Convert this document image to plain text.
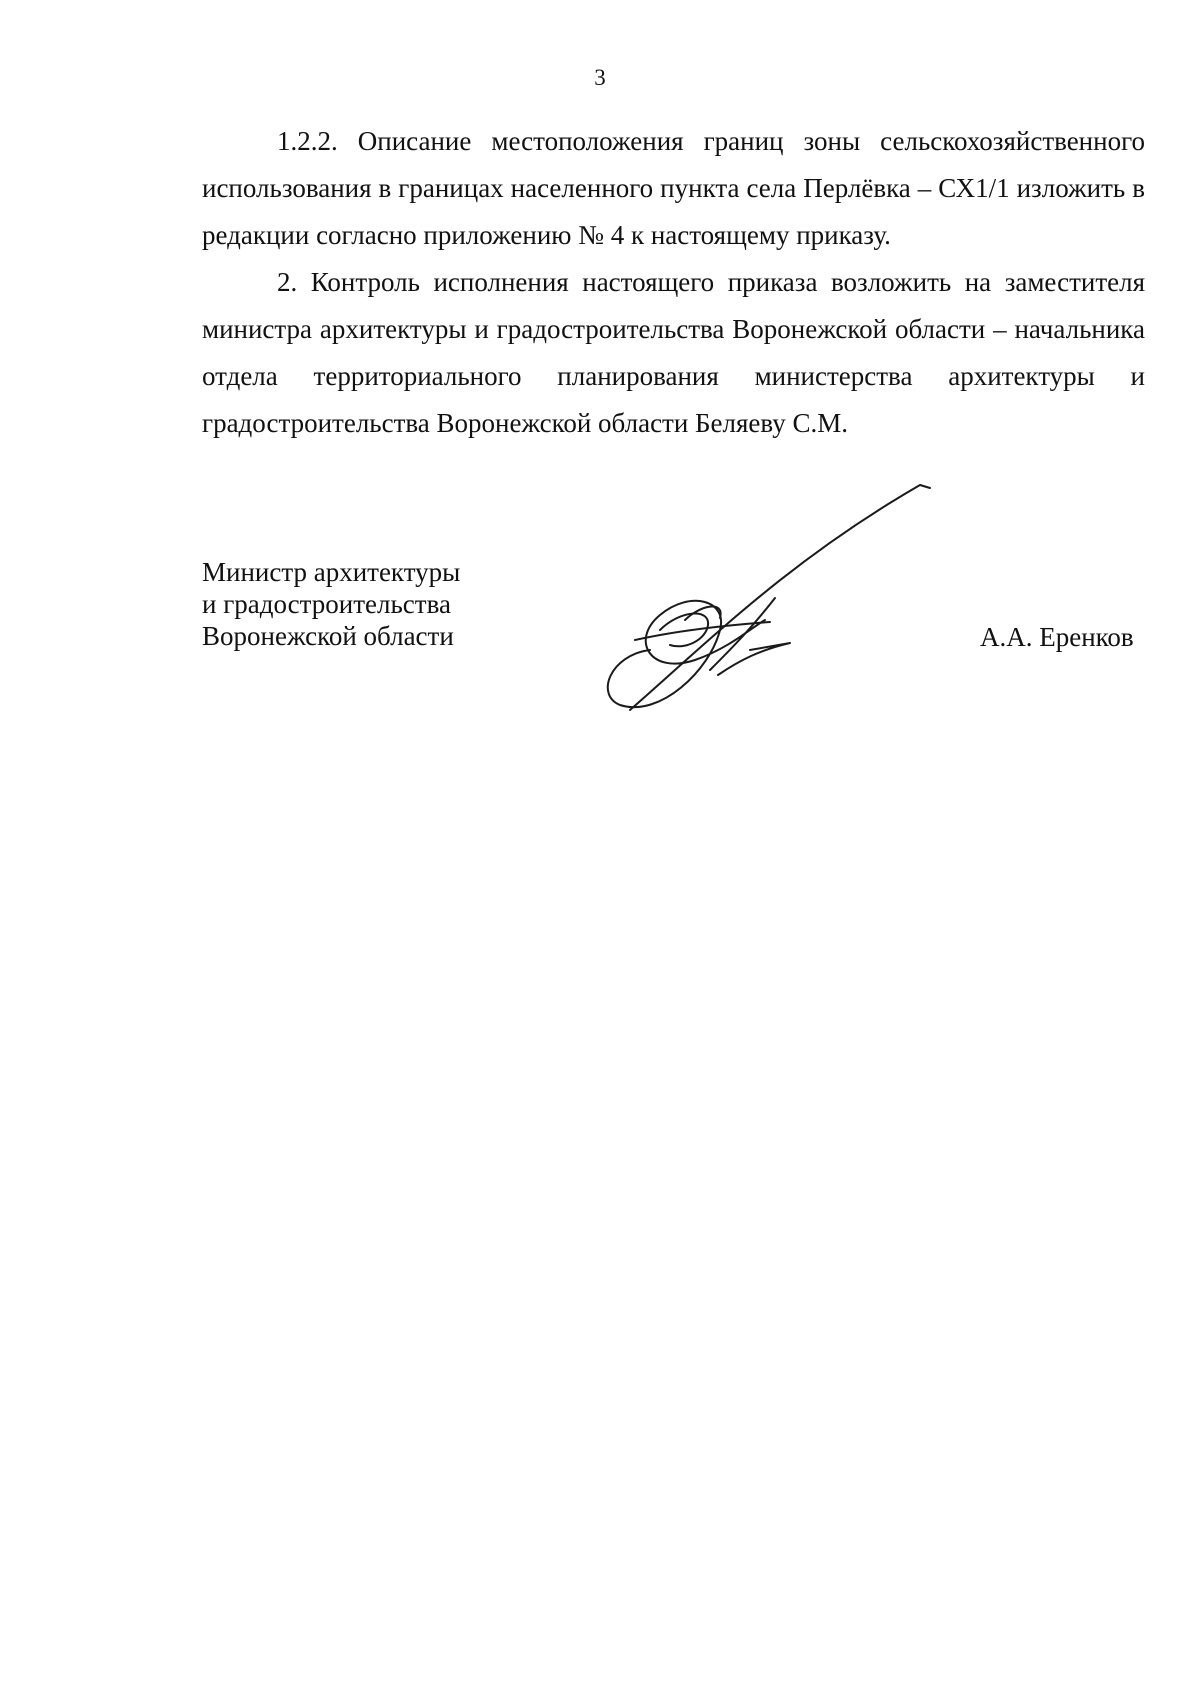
3

1.2.2. Описание местоположения границ зоны сельскохозяйственного использования в границах населенного пункта села Перлёвка – СХ1/1 изложить в редакции согласно приложению № 4 к настоящему приказу.

2. Контроль исполнения настоящего приказа возложить на заместителя министра архитектуры и градостроительства Воронежской области – начальника отдела территориального планирования министерства архитектуры и градостроительства Воронежской области Беляеву С.М.

Министр архитектуры
и градостроительства
Воронежской области	А.А. Еренков
